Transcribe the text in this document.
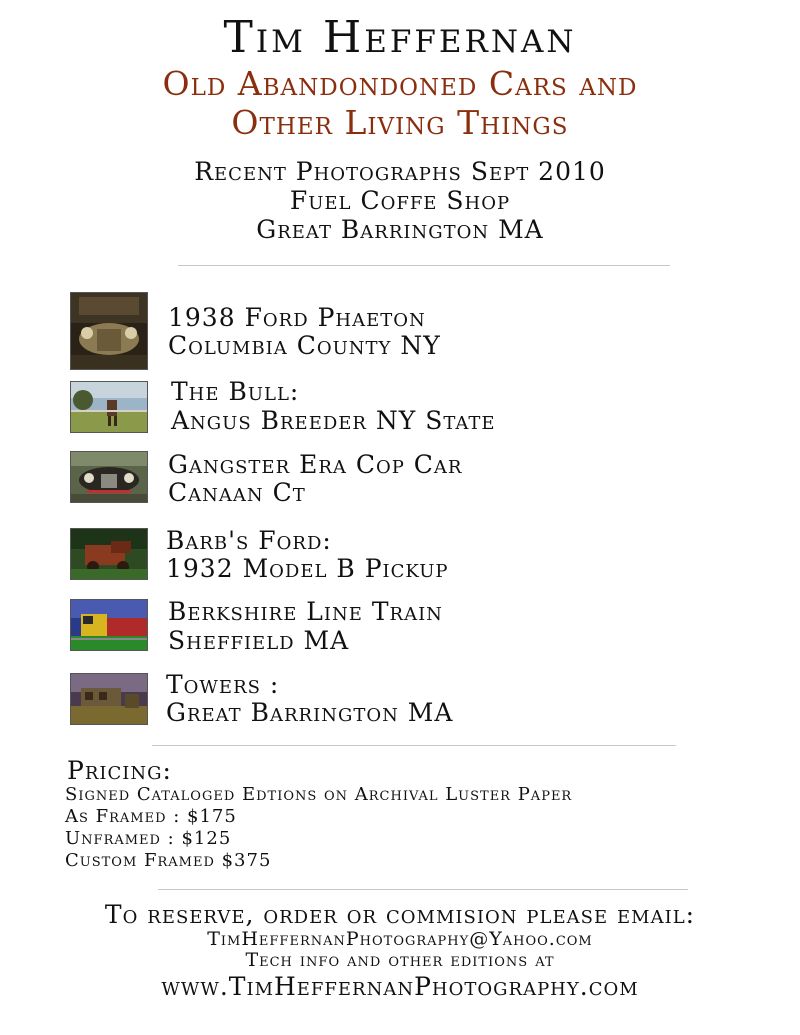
Tim Heffernan
Old Abandondoned Cars and
Other Living Things
Recent Photographs Sept 2010
Fuel Coffe Shop
Great Barrington MA
1938 Ford Phaeton
Columbia County NY
The Bull:
Angus Breeder NY State
Gangster Era Cop Car
Canaan Ct
Barb's Ford:
1932 Model B Pickup
Berkshire Line Train
Sheffield MA
Towers :
Great Barrington MA
Pricing:
Signed Cataloged Edtions on Archival Luster Paper
As Framed : $175
Unframed : $125
Custom Framed $375
To reserve, order or commision please email:
TimHeffernanPhotography@Yahoo.com
Tech info and other editions at
www.TimHeffernanPhotography.com
